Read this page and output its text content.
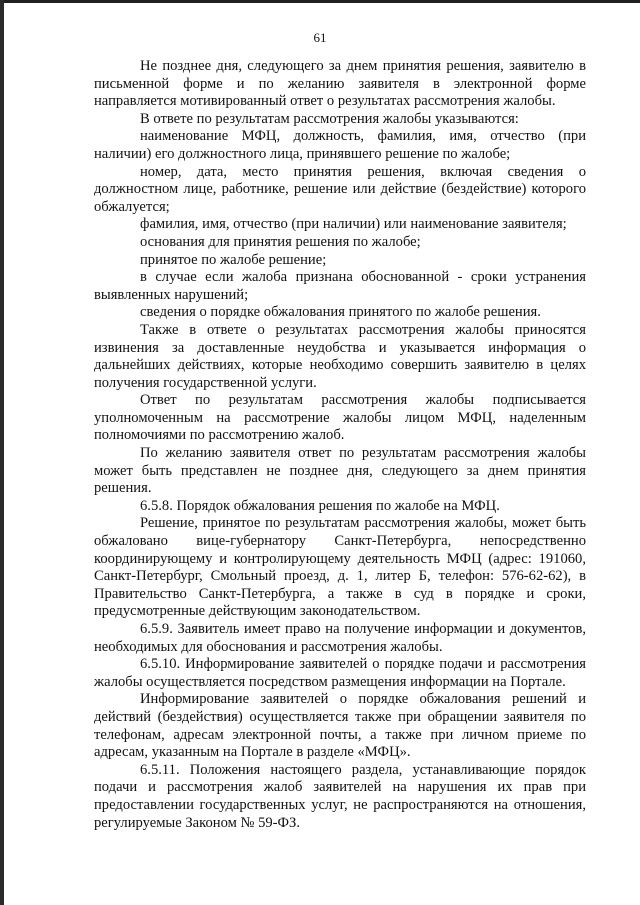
61

Не позднее дня, следующего за днем принятия решения, заявителю в письменной форме и по желанию заявителя в электронной форме направляется мотивированный ответ о результатах рассмотрения жалобы.

В ответе по результатам рассмотрения жалобы указываются:

наименование МФЦ, должность, фамилия, имя, отчество (при наличии) его должностного лица, принявшего решение по жалобе;

номер, дата, место принятия решения, включая сведения о должностном лице, работнике, решение или действие (бездействие) которого обжалуется;

фамилия, имя, отчество (при наличии) или наименование заявителя;

основания для принятия решения по жалобе;

принятое по жалобе решение;

в случае если жалоба признана обоснованной - сроки устранения выявленных нарушений;

сведения о порядке обжалования принятого по жалобе решения.

Также в ответе о результатах рассмотрения жалобы приносятся извинения за доставленные неудобства и указывается информация о дальнейших действиях, которые необходимо совершить заявителю в целях получения государственной услуги.

Ответ по результатам рассмотрения жалобы подписывается уполномоченным на рассмотрение жалобы лицом МФЦ, наделенным полномочиями по рассмотрению жалоб.

По желанию заявителя ответ по результатам рассмотрения жалобы может быть представлен не позднее дня, следующего за днем принятия решения.

6.5.8. Порядок обжалования решения по жалобе на МФЦ.

Решение, принятое по результатам рассмотрения жалобы, может быть обжаловано вице-губернатору Санкт-Петербурга, непосредственно координирующему и контролирующему деятельность МФЦ (адрес: 191060, Санкт-Петербург, Смольный проезд, д. 1, литер Б, телефон: 576-62-62), в Правительство Санкт-Петербурга, а также в суд в порядке и сроки, предусмотренные действующим законодательством.

6.5.9. Заявитель имеет право на получение информации и документов, необходимых для обоснования и рассмотрения жалобы.

6.5.10. Информирование заявителей о порядке подачи и рассмотрения жалобы осуществляется посредством размещения информации на Портале.

Информирование заявителей о порядке обжалования решений и действий (бездействия) осуществляется также при обращении заявителя по телефонам, адресам электронной почты, а также при личном приеме по адресам, указанным на Портале в разделе «МФЦ».

6.5.11. Положения настоящего раздела, устанавливающие порядок подачи и рассмотрения жалоб заявителей на нарушения их прав при предоставлении государственных услуг, не распространяются на отношения, регулируемые Законом № 59-ФЗ.
